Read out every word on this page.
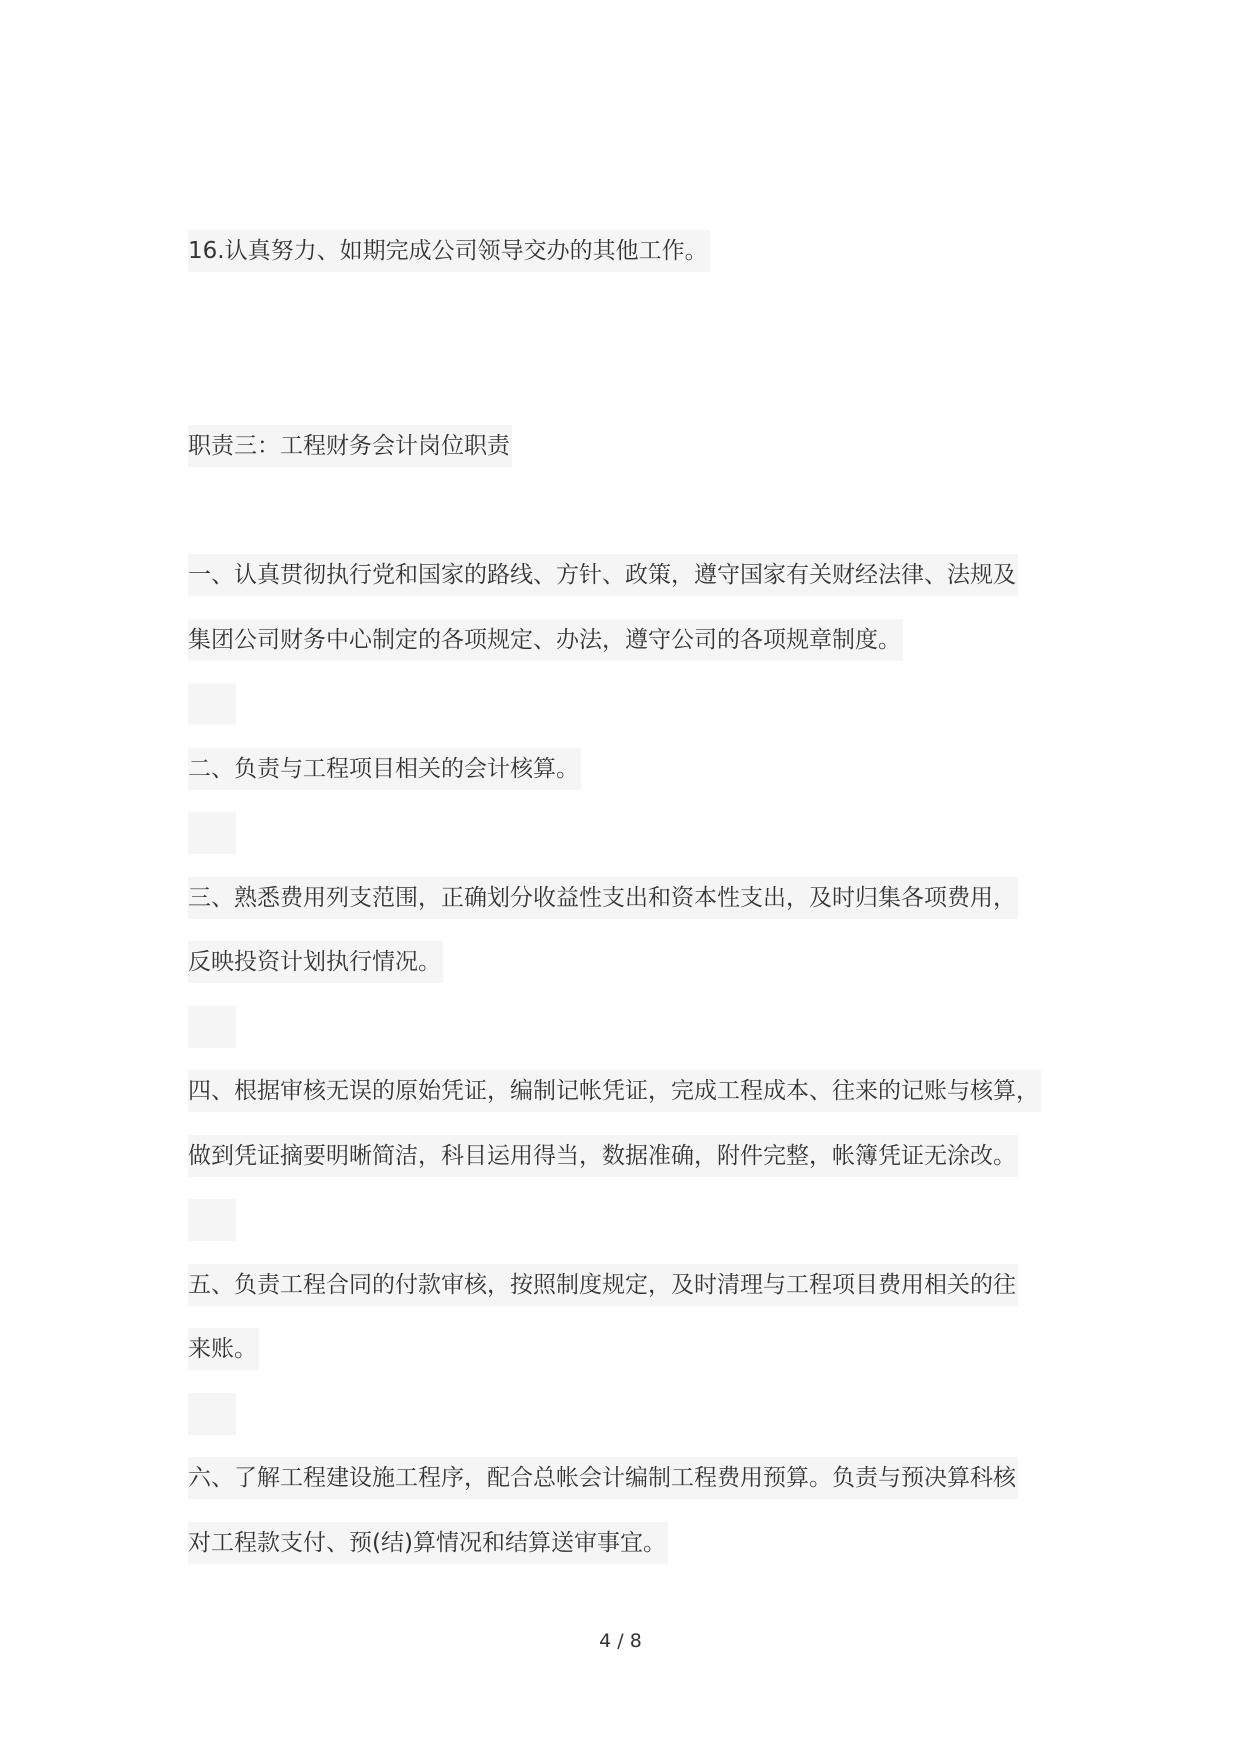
16.认真努力、如期完成公司领导交办的其他工作。
职责三：工程财务会计岗位职责
一、认真贯彻执行党和国家的路线、方针、政策，遵守国家有关财经法律、法规及
集团公司财务中心制定的各项规定、办法，遵守公司的各项规章制度。
二、负责与工程项目相关的会计核算。
三、熟悉费用列支范围，正确划分收益性支出和资本性支出，及时归集各项费用，
反映投资计划执行情况。
四、根据审核无误的原始凭证，编制记帐凭证，完成工程成本、往来的记账与核算，
做到凭证摘要明晰简洁，科目运用得当，数据准确，附件完整，帐簿凭证无涂改。
五、负责工程合同的付款审核，按照制度规定，及时清理与工程项目费用相关的往
来账。
六、了解工程建设施工程序，配合总帐会计编制工程费用预算。负责与预决算科核
对工程款支付、预(结)算情况和结算送审事宜。
4 / 8
